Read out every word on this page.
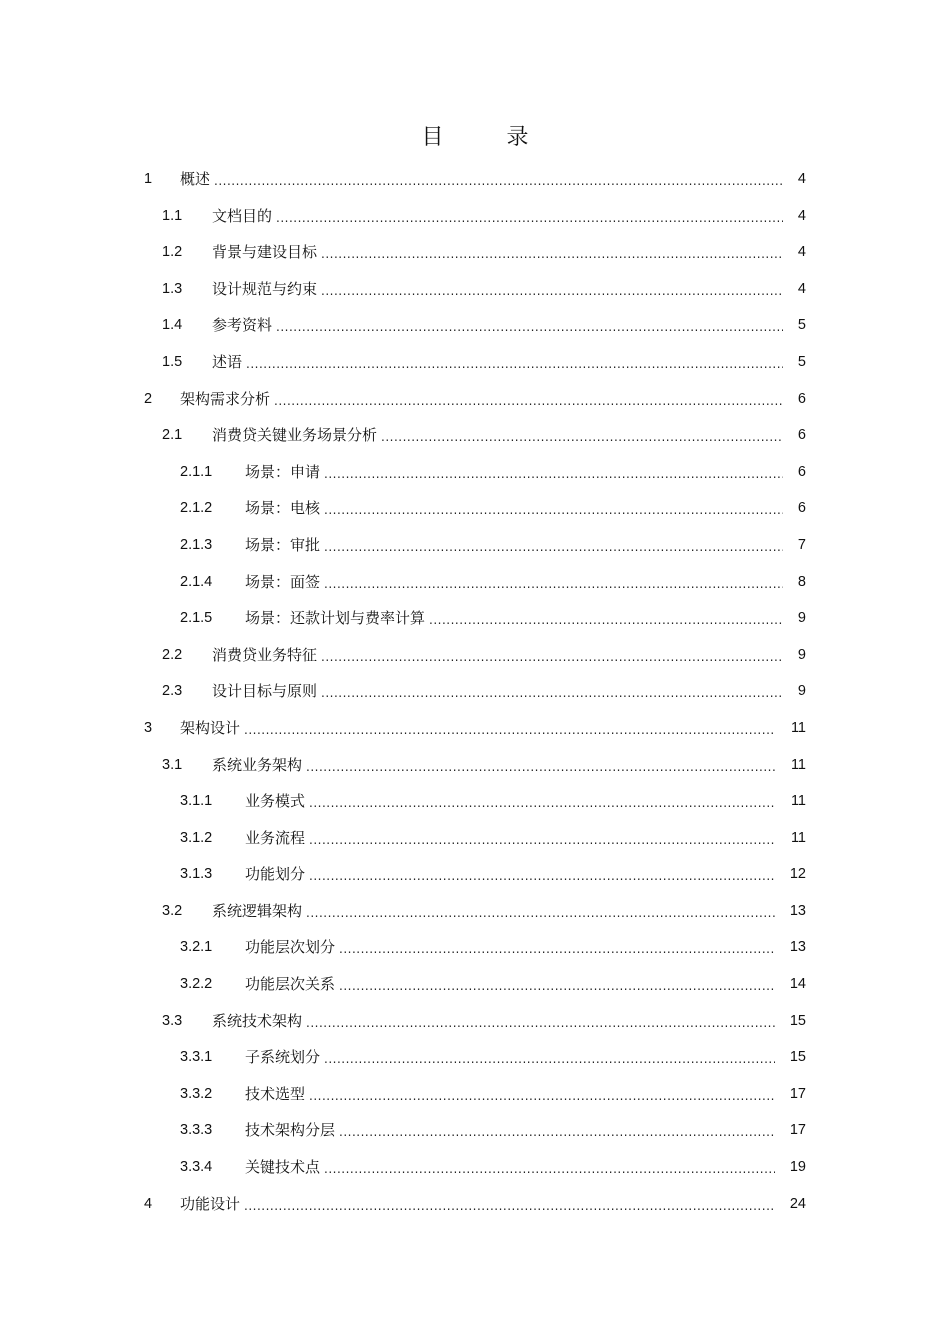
目 录
1 概述 .....	4
1.1 文档目的 .....	4
1.2 背景与建设目标 .....	4
1.3 设计规范与约束 .....	4
1.4 参考资料 .....	5
1.5 述语 .....	5
2 架构需求分析 .....	6
2.1 消费贷关键业务场景分析 .....	6
2.1.1 场景：申请 .....	6
2.1.2 场景：电核 .....	6
2.1.3 场景：审批 .....	7
2.1.4 场景：面签 .....	8
2.1.5 场景：还款计划与费率计算 .....	9
2.2 消费贷业务特征 .....	9
2.3 设计目标与原则 .....	9
3 架构设计 .....	11
3.1 系统业务架构 .....	11
3.1.1 业务模式 .....	11
3.1.2 业务流程 .....	11
3.1.3 功能划分 .....	12
3.2 系统逻辑架构 .....	13
3.2.1 功能层次划分 .....	13
3.2.2 功能层次关系 .....	14
3.3 系统技术架构 .....	15
3.3.1 子系统划分 .....	15
3.3.2 技术选型 .....	17
3.3.3 技术架构分层 .....	17
3.3.4 关键技术点 .....	19
4 功能设计 .....	24
